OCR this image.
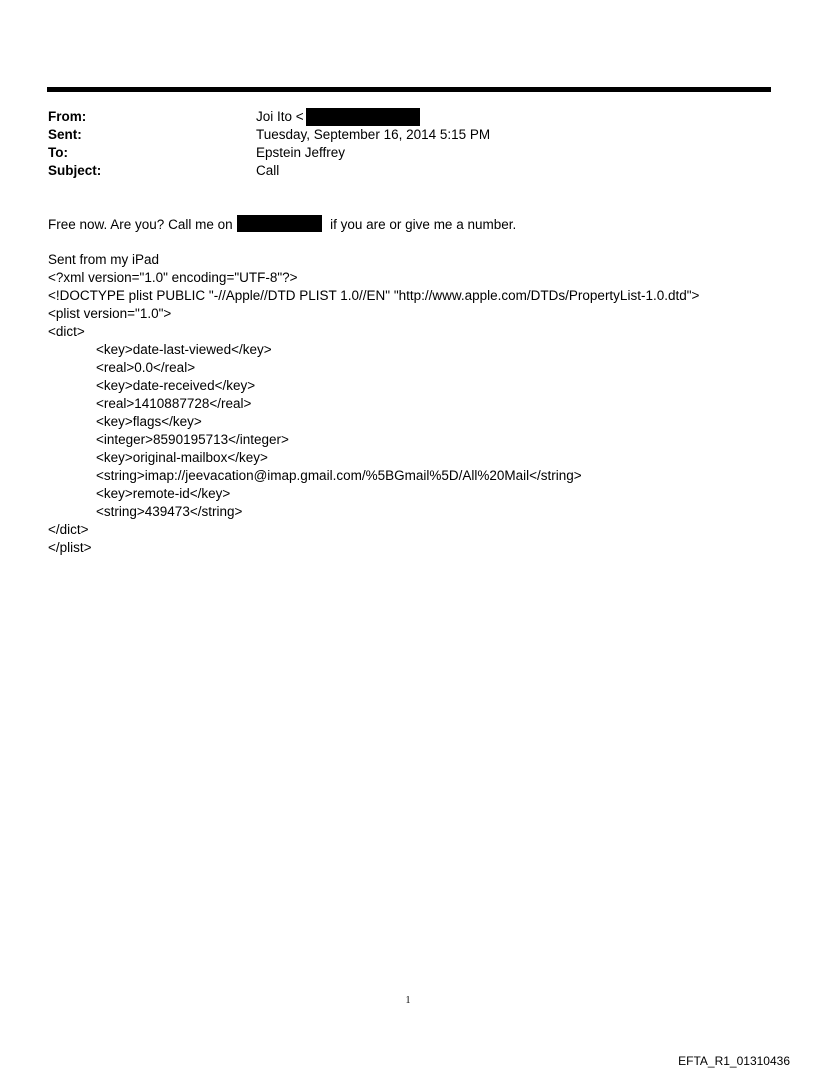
From:	Joi Ito <
Sent:	Tuesday, September 16, 2014 5:15 PM
To:	Epstein Jeffrey
Subject:	Call
Free now. Are you? Call me on	if you are or give me a number.
Sent from my iPad
<?xml version="1.0" encoding="UTF-8"?>
<!DOCTYPE plist PUBLIC "-//Apple//DTD PLIST 1.0//EN" "http://www.apple.com/DTDs/PropertyList-1.0.dtd">
<plist version="1.0">
<dict>
<key>date-last-viewed</key>
<real>0.0</real>
<key>date-received</key>
<real>1410887728</real>
<key>flags</key>
<integer>8590195713</integer>
<key>original-mailbox</key>
<string>imap://jeevacation@imap.gmail.com/%5BGmail%5D/All%20Mail</string>
<key>remote-id</key>
<string>439473</string>
</dict>
</plist>
1
EFTA_R1_01310436
